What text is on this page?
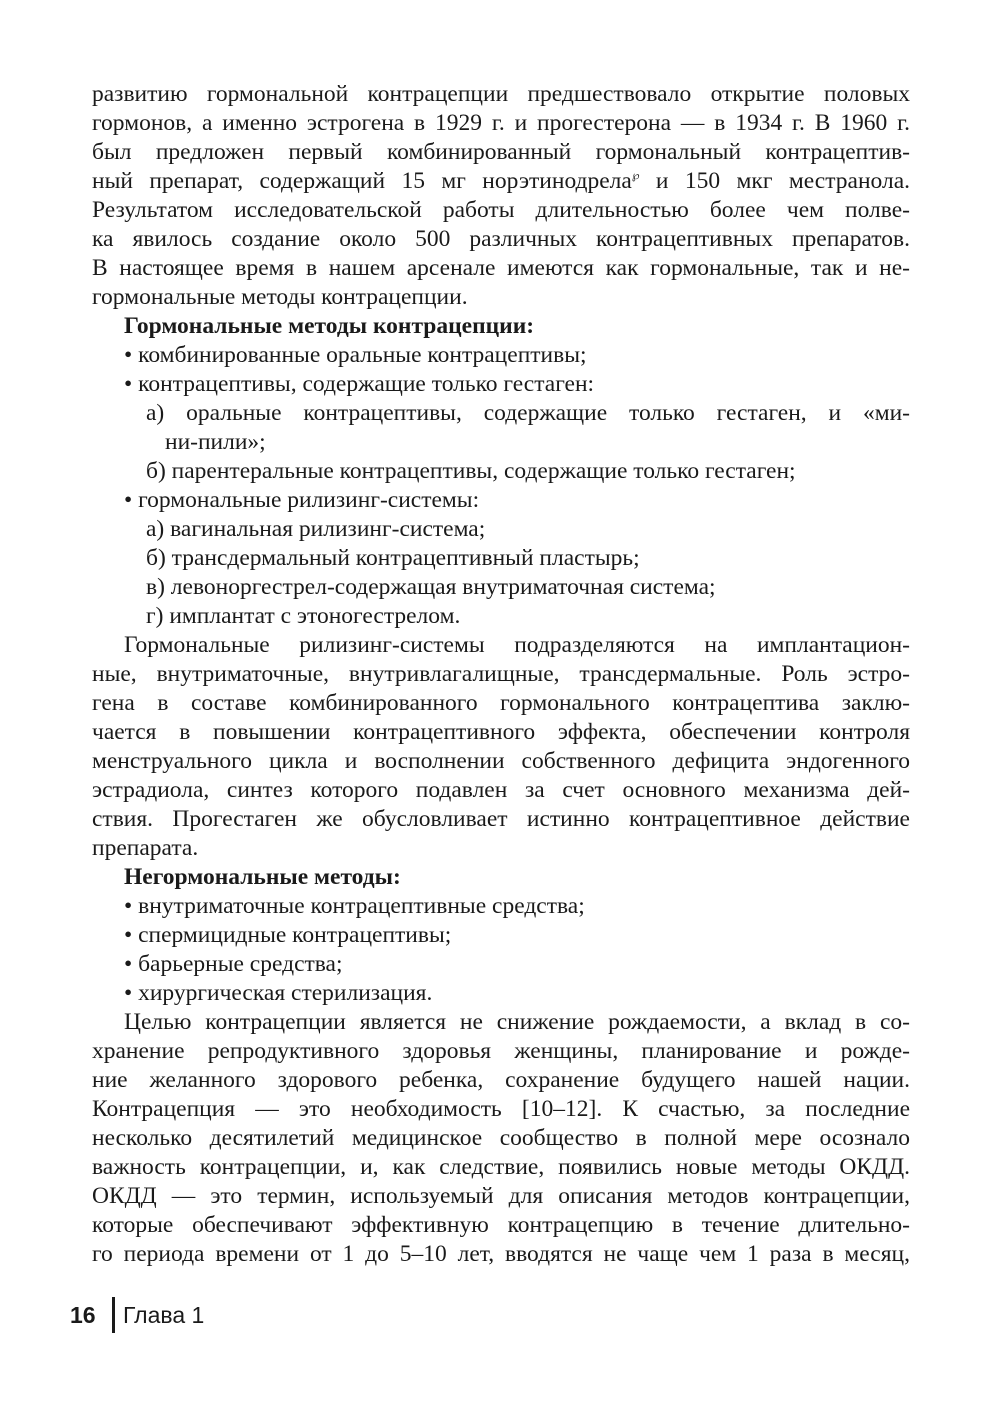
развитию гормональной контрацепции предшествовало открытие половых
гормонов, а именно эстрогена в 1929 г. и прогестерона — в 1934 г. В 1960 г.
был предложен первый комбинированный гормональный контрацептив-
ный препарат, содержащий 15 мг норэтинодрела℘ и 150 мкг местранола.
Результатом исследовательской работы длительностью более чем полве-
ка явилось создание около 500 различных контрацептивных препаратов.
В настоящее время в нашем арсенале имеются как гормональные, так и не-
гормональные методы контрацепции.
Гормональные методы контрацепции:
• комбинированные оральные контрацептивы;
• контрацептивы, содержащие только гестаген:
а) оральные контрацептивы, содержащие только гестаген, и «ми-
ни-пили»;
б) парентеральные контрацептивы, содержащие только гестаген;
• гормональные рилизинг-системы:
а) вагинальная рилизинг-система;
б) трансдермальный контрацептивный пластырь;
в) левоноргестрел-содержащая внутриматочная система;
г) имплантат с этоногестрелом.
Гормональные рилизинг-системы подразделяются на имплантацион-
ные, внутриматочные, внутривлагалищные, трансдермальные. Роль эстро-
гена в составе комбинированного гормонального контрацептива заклю-
чается в повышении контрацептивного эффекта, обеспечении контроля
менструального цикла и восполнении собственного дефицита эндогенного
эстрадиола, синтез которого подавлен за счет основного механизма дей-
ствия. Прогестаген же обусловливает истинно контрацептивное действие
препарата.
Негормональные методы:
• внутриматочные контрацептивные средства;
• спермицидные контрацептивы;
• барьерные средства;
• хирургическая стерилизация.
Целью контрацепции является не снижение рождаемости, а вклад в со-
хранение репродуктивного здоровья женщины, планирование и рожде-
ние желанного здорового ребенка, сохранение будущего нашей нации.
Контрацепция — это необходимость [10–12]. К счастью, за последние
несколько десятилетий медицинское сообщество в полной мере осознало
важность контрацепции, и, как следствие, появились новые методы ОКДД.
ОКДД — это термин, используемый для описания методов контрацепции,
которые обеспечивают эффективную контрацепцию в течение длительно-
го периода времени от 1 до 5–10 лет, вводятся не чаще чем 1 раза в месяц,
16	Глава 1
